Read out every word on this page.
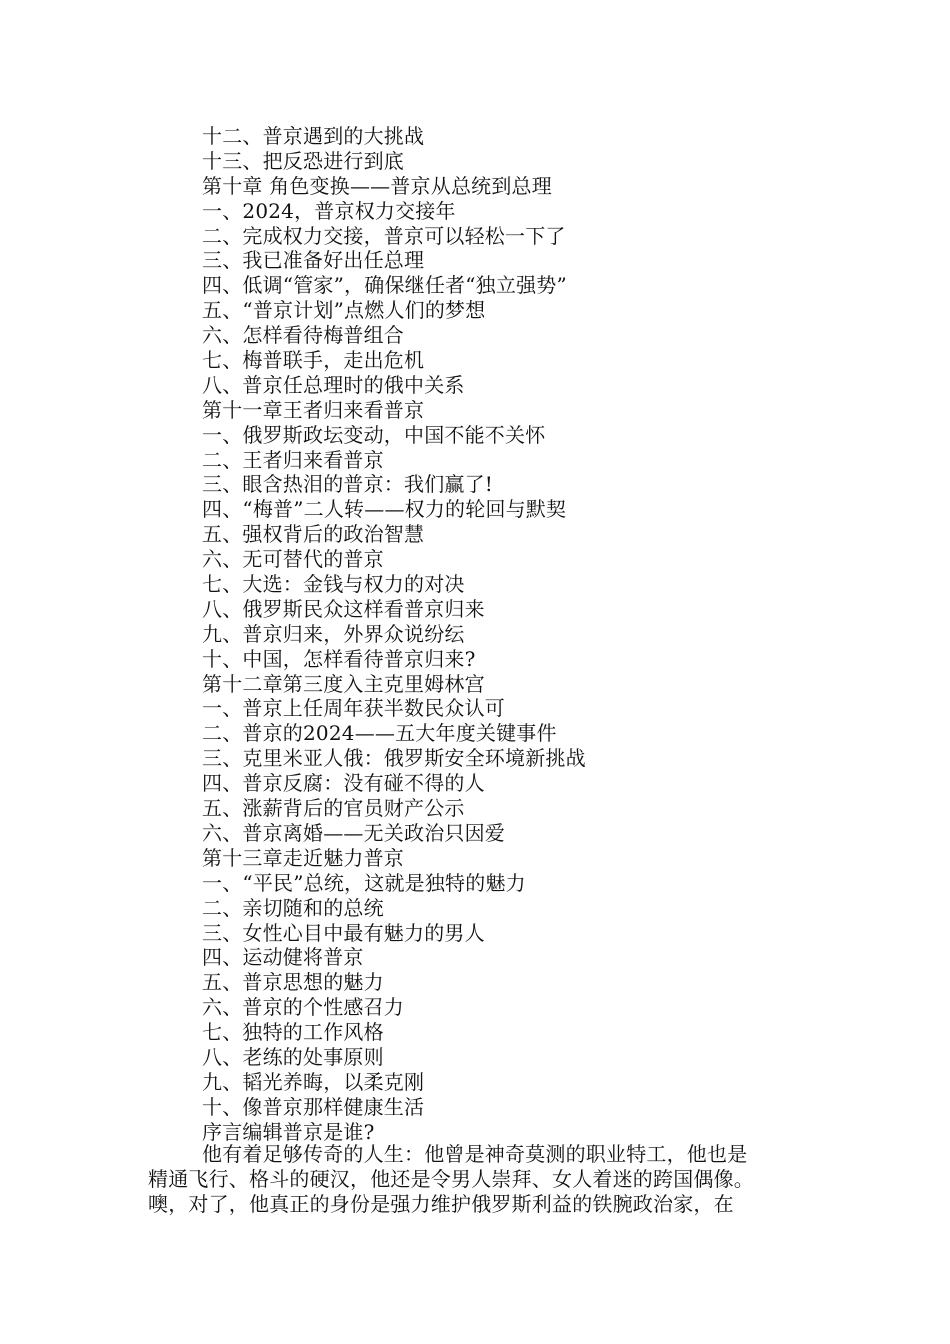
十二、普京遇到的大挑战
十三、把反恐进行到底
第十章 角色变换——普京从总统到总理
一、2024，普京权力交接年
二、完成权力交接，普京可以轻松一下了
三、我已准备好出任总理
四、低调“管家”，确保继任者“独立强势”
五、“普京计划”点燃人们的梦想
六、怎样看待梅普组合
七、梅普联手，走出危机
八、普京任总理时的俄中关系
第十一章王者归来看普京
一、俄罗斯政坛变动，中国不能不关怀
二、王者归来看普京
三、眼含热泪的普京：我们赢了!
四、“梅普”二人转——权力的轮回与默契
五、强权背后的政治智慧
六、无可替代的普京
七、大选：金钱与权力的对决
八、俄罗斯民众这样看普京归来
九、普京归来，外界众说纷纭
十、中国，怎样看待普京归来?
第十二章第三度入主克里姆林宫
一、普京上任周年获半数民众认可
二、普京的2024——五大年度关键事件
三、克里米亚人俄：俄罗斯安全环境新挑战
四、普京反腐：没有碰不得的人
五、涨薪背后的官员财产公示
六、普京离婚——无关政治只因爱
第十三章走近魅力普京
一、“平民”总统，这就是独特的魅力
二、亲切随和的总统
三、女性心目中最有魅力的男人
四、运动健将普京
五、普京思想的魅力
六、普京的个性感召力
七、独特的工作风格
八、老练的处事原则
九、韬光养晦，以柔克刚
十、像普京那样健康生活
序言编辑普京是谁?

他有着足够传奇的人生：他曾是神奇莫测的职业特工，他也是

精通飞行、格斗的硬汉，他还是令男人崇拜、女人着迷的跨国偶像。

噢，对了，他真正的身份是强力维护俄罗斯利益的铁腕政治家，在
